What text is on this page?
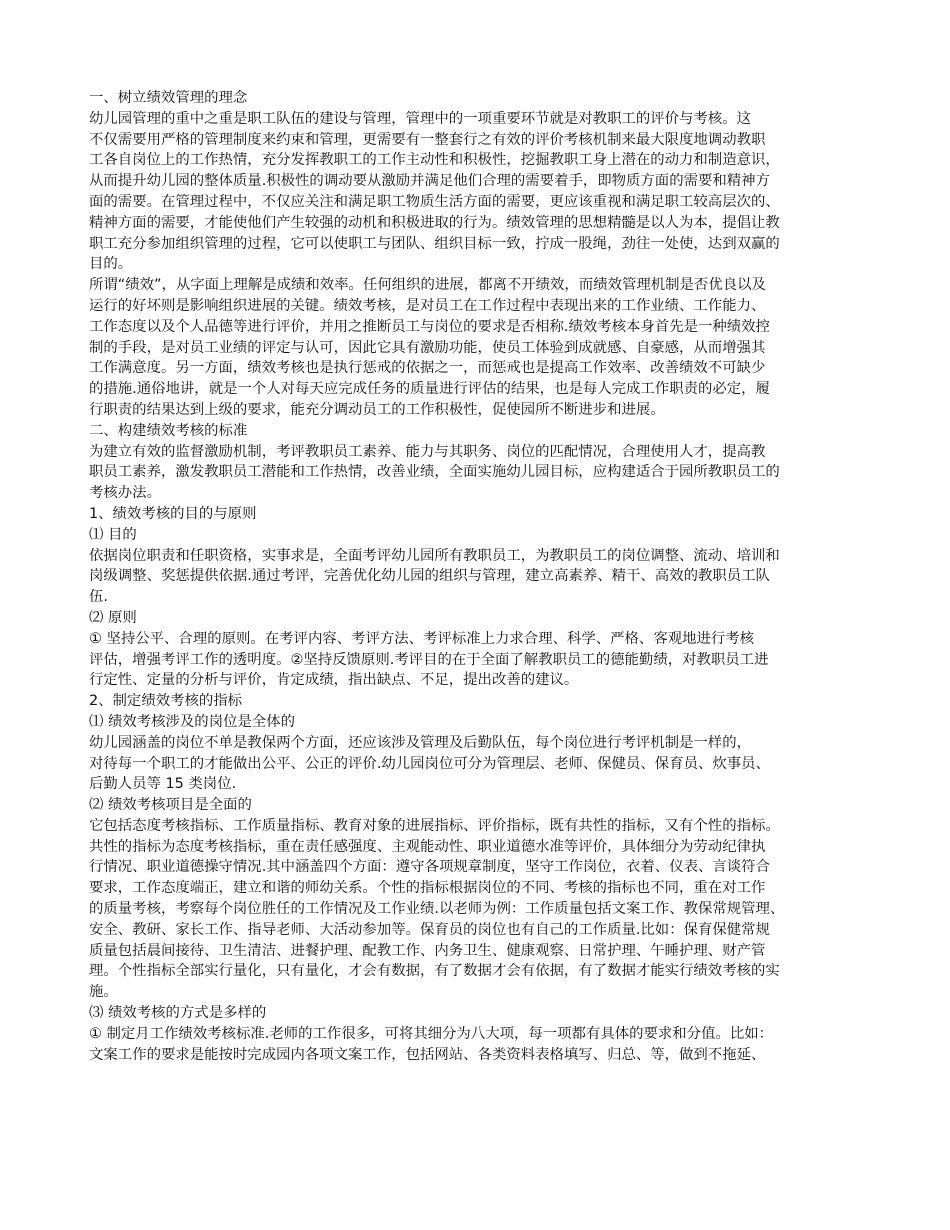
一、树立绩效管理的理念
幼儿园管理的重中之重是职工队伍的建设与管理，管理中的一项重要环节就是对教职工的评价与考核。这
不仅需要用严格的管理制度来约束和管理，更需要有一整套行之有效的评价考核机制来最大限度地调动教职
工各自岗位上的工作热情，充分发挥教职工的工作主动性和积极性，挖掘教职工身上潜在的动力和制造意识，
从而提升幼儿园的整体质量.积极性的调动要从激励并满足他们合理的需要着手，即物质方面的需要和精神方
面的需要。在管理过程中，不仅应关注和满足职工物质生活方面的需要，更应该重视和满足职工较高层次的、
精神方面的需要，才能使他们产生较强的动机和积极进取的行为。绩效管理的思想精髓是以人为本，提倡让教
职工充分参加组织管理的过程，它可以使职工与团队、组织目标一致，拧成一股绳，劲往一处使，达到双赢的
目的。
所谓“绩效”，从字面上理解是成绩和效率。任何组织的进展，都离不开绩效，而绩效管理机制是否优良以及
运行的好坏则是影响组织进展的关键。绩效考核，是对员工在工作过程中表现出来的工作业绩、工作能力、
工作态度以及个人品德等进行评价，并用之推断员工与岗位的要求是否相称.绩效考核本身首先是一种绩效控
制的手段，是对员工业绩的评定与认可，因此它具有激励功能，使员工体验到成就感、自豪感，从而增强其
工作满意度。另一方面，绩效考核也是执行惩戒的依据之一，而惩戒也是提高工作效率、改善绩效不可缺少
的措施.通俗地讲，就是一个人对每天应完成任务的质量进行评估的结果，也是每人完成工作职责的必定，履
行职责的结果达到上级的要求，能充分调动员工的工作积极性，促使园所不断进步和进展。
二、构建绩效考核的标准
为建立有效的监督激励机制，考评教职员工素养、能力与其职务、岗位的匹配情况，合理使用人才，提高教
职员工素养，激发教职员工潜能和工作热情，改善业绩，全面实施幼儿园目标，应构建适合于园所教职员工的
考核办法。
1、绩效考核的目的与原则
⑴ 目的
依据岗位职责和任职资格，实事求是，全面考评幼儿园所有教职员工，为教职员工的岗位调整、流动、培训和
岗级调整、奖惩提供依据.通过考评，完善优化幼儿园的组织与管理，建立高素养、精干、高效的教职员工队
伍.
⑵ 原则
① 坚持公平、合理的原则。在考评内容、考评方法、考评标准上力求合理、科学、严格、客观地进行考核
评估，增强考评工作的透明度。②坚持反馈原则.考评目的在于全面了解教职员工的德能勤绩，对教职员工进
行定性、定量的分析与评价，肯定成绩，指出缺点、不足，提出改善的建议。
2、制定绩效考核的指标
⑴ 绩效考核涉及的岗位是全体的
幼儿园涵盖的岗位不单是教保两个方面，还应该涉及管理及后勤队伍，每个岗位进行考评机制是一样的，
对待每一个职工的才能做出公平、公正的评价.幼儿园岗位可分为管理层、老师、保健员、保育员、炊事员、
后勤人员等 15 类岗位.
⑵ 绩效考核项目是全面的
它包括态度考核指标、工作质量指标、教育对象的进展指标、评价指标，既有共性的指标，又有个性的指标。
共性的指标为态度考核指标，重在责任感强度、主观能动性、职业道德水准等评价，具体细分为劳动纪律执
行情况、职业道德操守情况.其中涵盖四个方面：遵守各项规章制度，坚守工作岗位，衣着、仪表、言谈符合
要求，工作态度端正，建立和谐的师幼关系。个性的指标根据岗位的不同、考核的指标也不同，重在对工作
的质量考核，考察每个岗位胜任的工作情况及工作业绩.以老师为例：工作质量包括文案工作、教保常规管理、
安全、教研、家长工作、指导老师、大活动参加等。保育员的岗位也有自己的工作质量.比如：保育保健常规
质量包括晨间接待、卫生清洁、进餐护理、配教工作、内务卫生、健康观察、日常护理、午睡护理、财产管
理。个性指标全部实行量化，只有量化，才会有数据，有了数据才会有依据，有了数据才能实行绩效考核的实
施。
⑶ 绩效考核的方式是多样的
① 制定月工作绩效考核标准.老师的工作很多，可将其细分为八大项，每一项都有具体的要求和分值。比如：
文案工作的要求是能按时完成园内各项文案工作，包括网站、各类资料表格填写、归总、等，做到不拖延、
